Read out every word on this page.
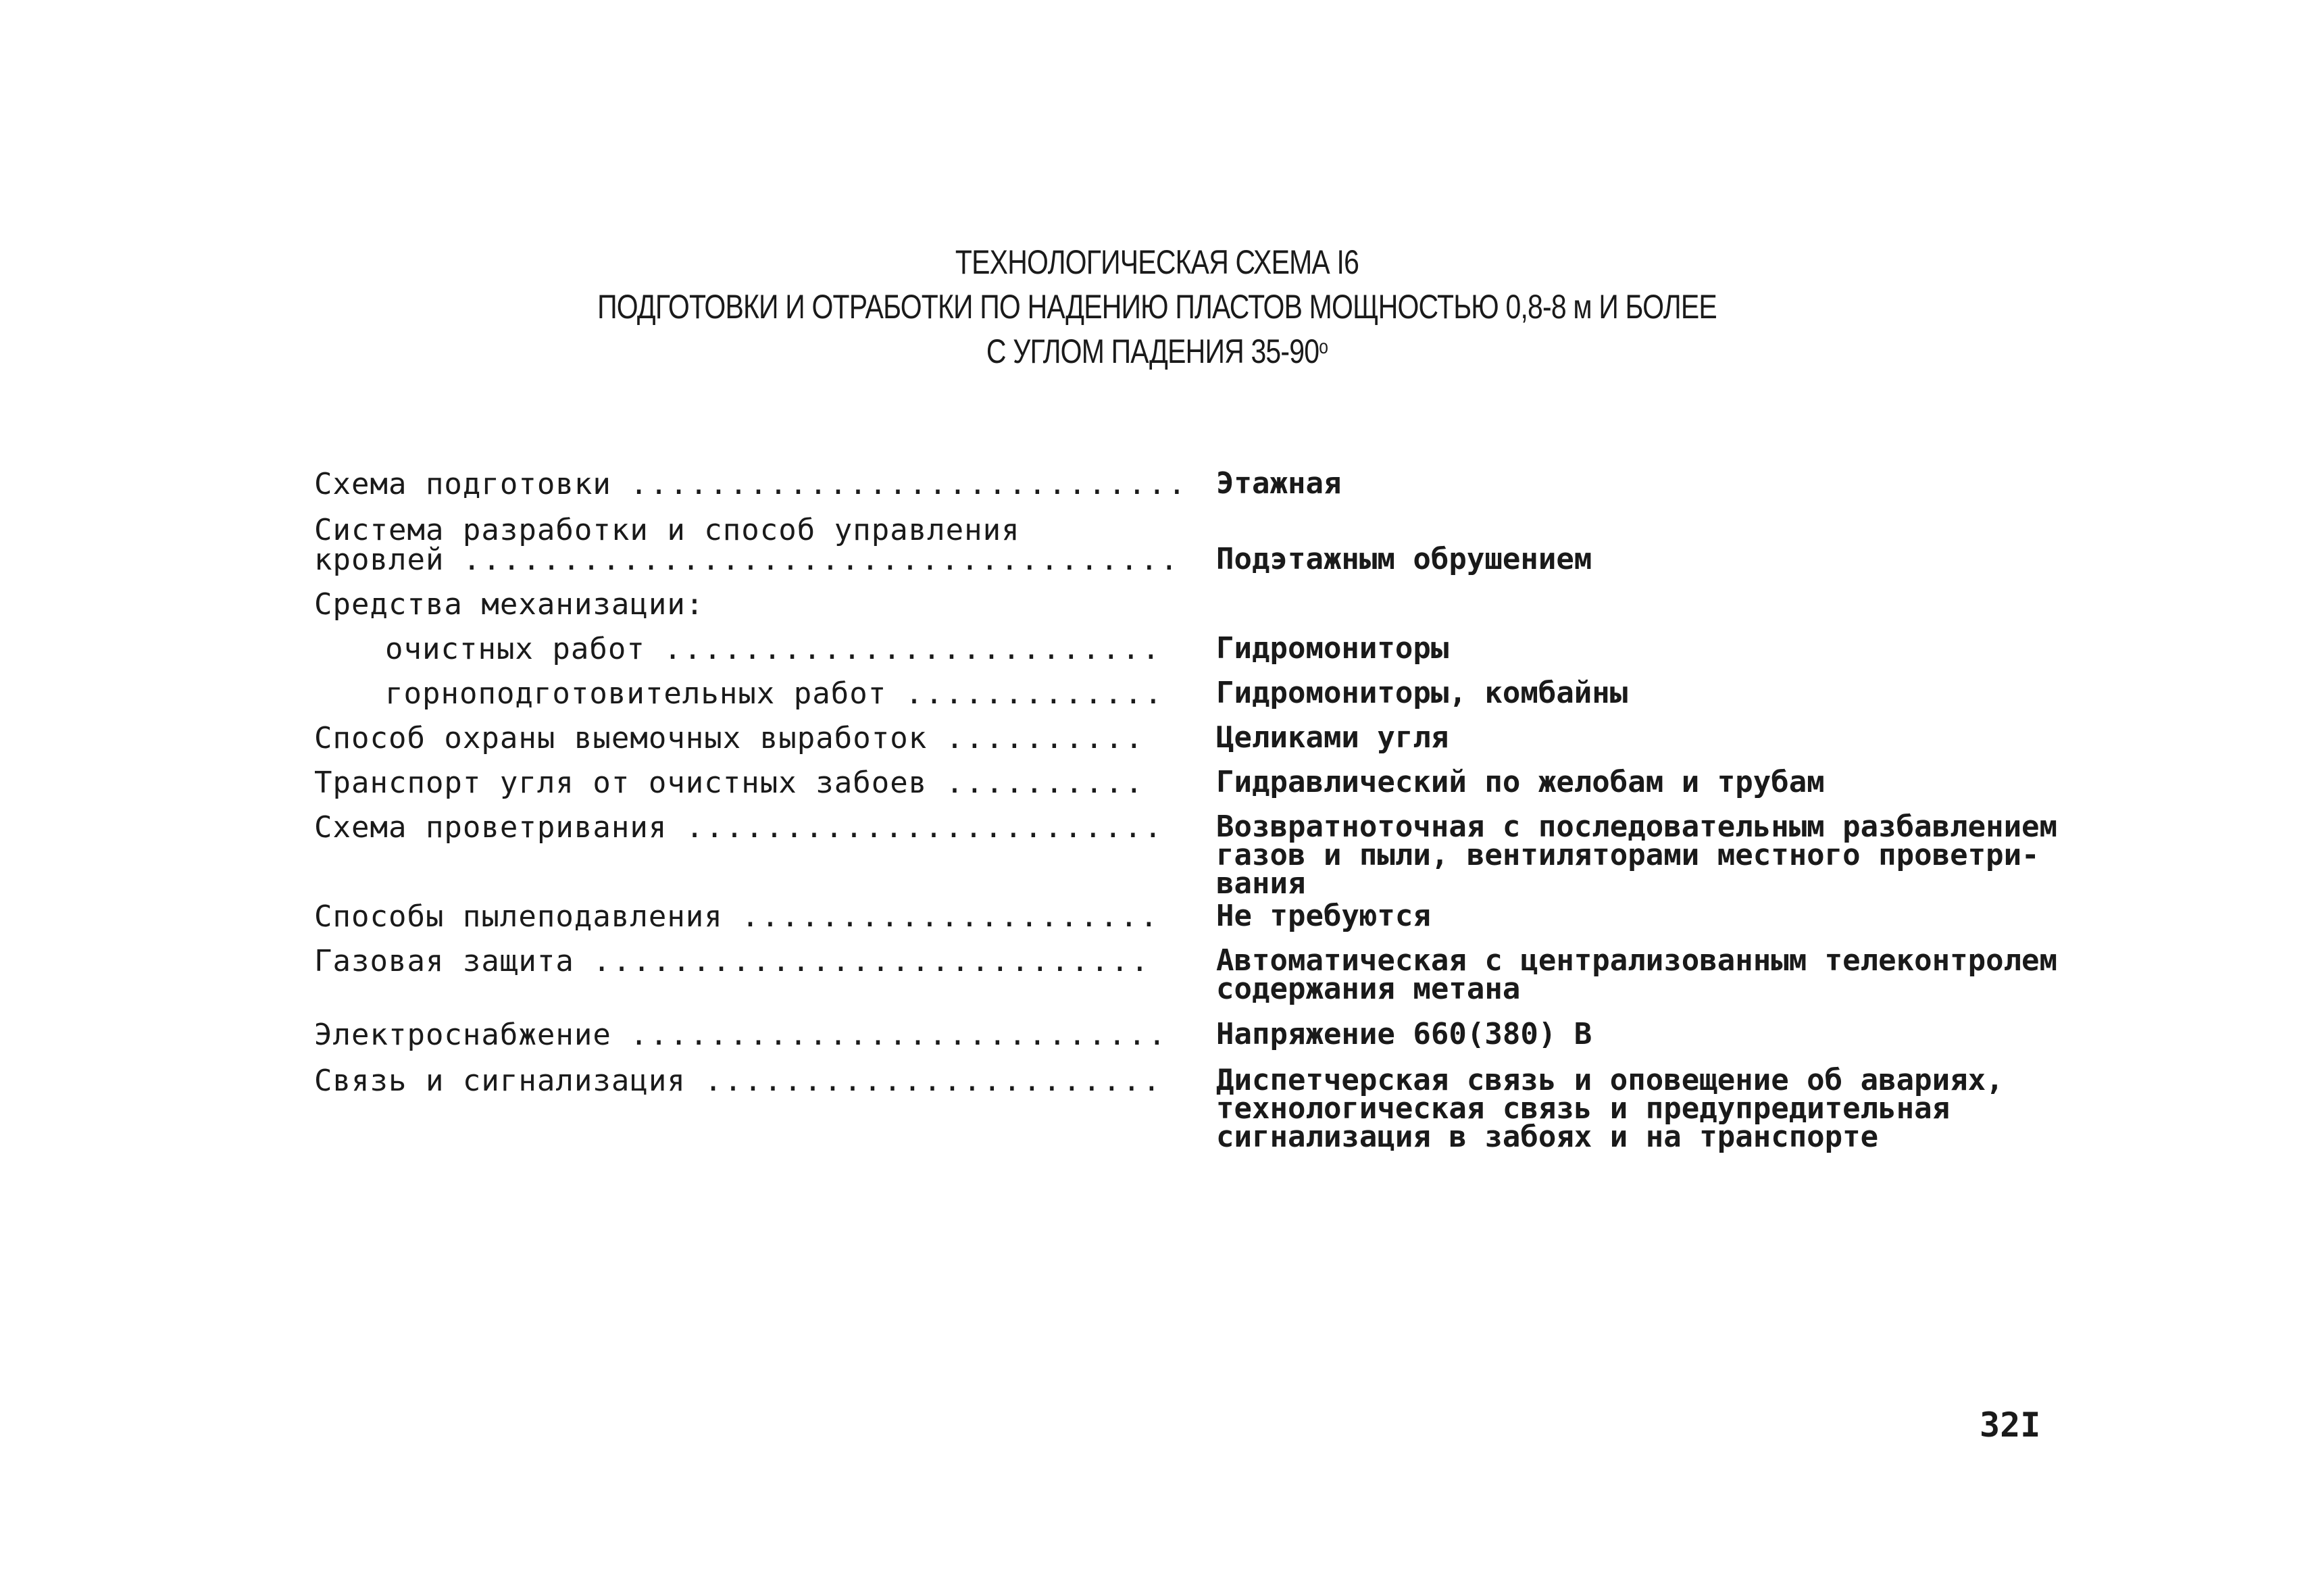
ТЕХНОЛОГИЧЕСКАЯ СХЕМА I6
ПОДГОТОВКИ И ОТРАБОТКИ ПО НАДЕНИЮ ПЛАСТОВ МОЩНОСТЬЮ 0,8-8 м И БОЛЕЕ
С УГЛОМ ПАДЕНИЯ $35-90^о$
Схема подготовки ............................ Этажная
Система разработки и способ управления
кровлей .................................... Подэтажным обрушением
Средства механизации:
очистных работ ......................... Гидромониторы
горноподготовительных работ ............. Гидромониторы, комбайны
Способ охраны выемочных выработок .......... Целиками угля
Транспорт угля от очистных забоев .......... Гидравлический по желобам и трубам
Схема проветривания ........................ Возвратноточная с последовательным разбавлением
газов и пыли, вентиляторами местного проветри-
вания
Способы пылеподавления ..................... Не требуются
Газовая защита ............................ Автоматическая с централизованным телеконтролем
содержания метана
Электроснабжение ........................... Напряжение 660(380) В
Связь и сигнализация ....................... Диспетчерская связь и оповещение об авариях,
технологическая связь и предупредительная
сигнализация в забоях и на транспорте
32I
